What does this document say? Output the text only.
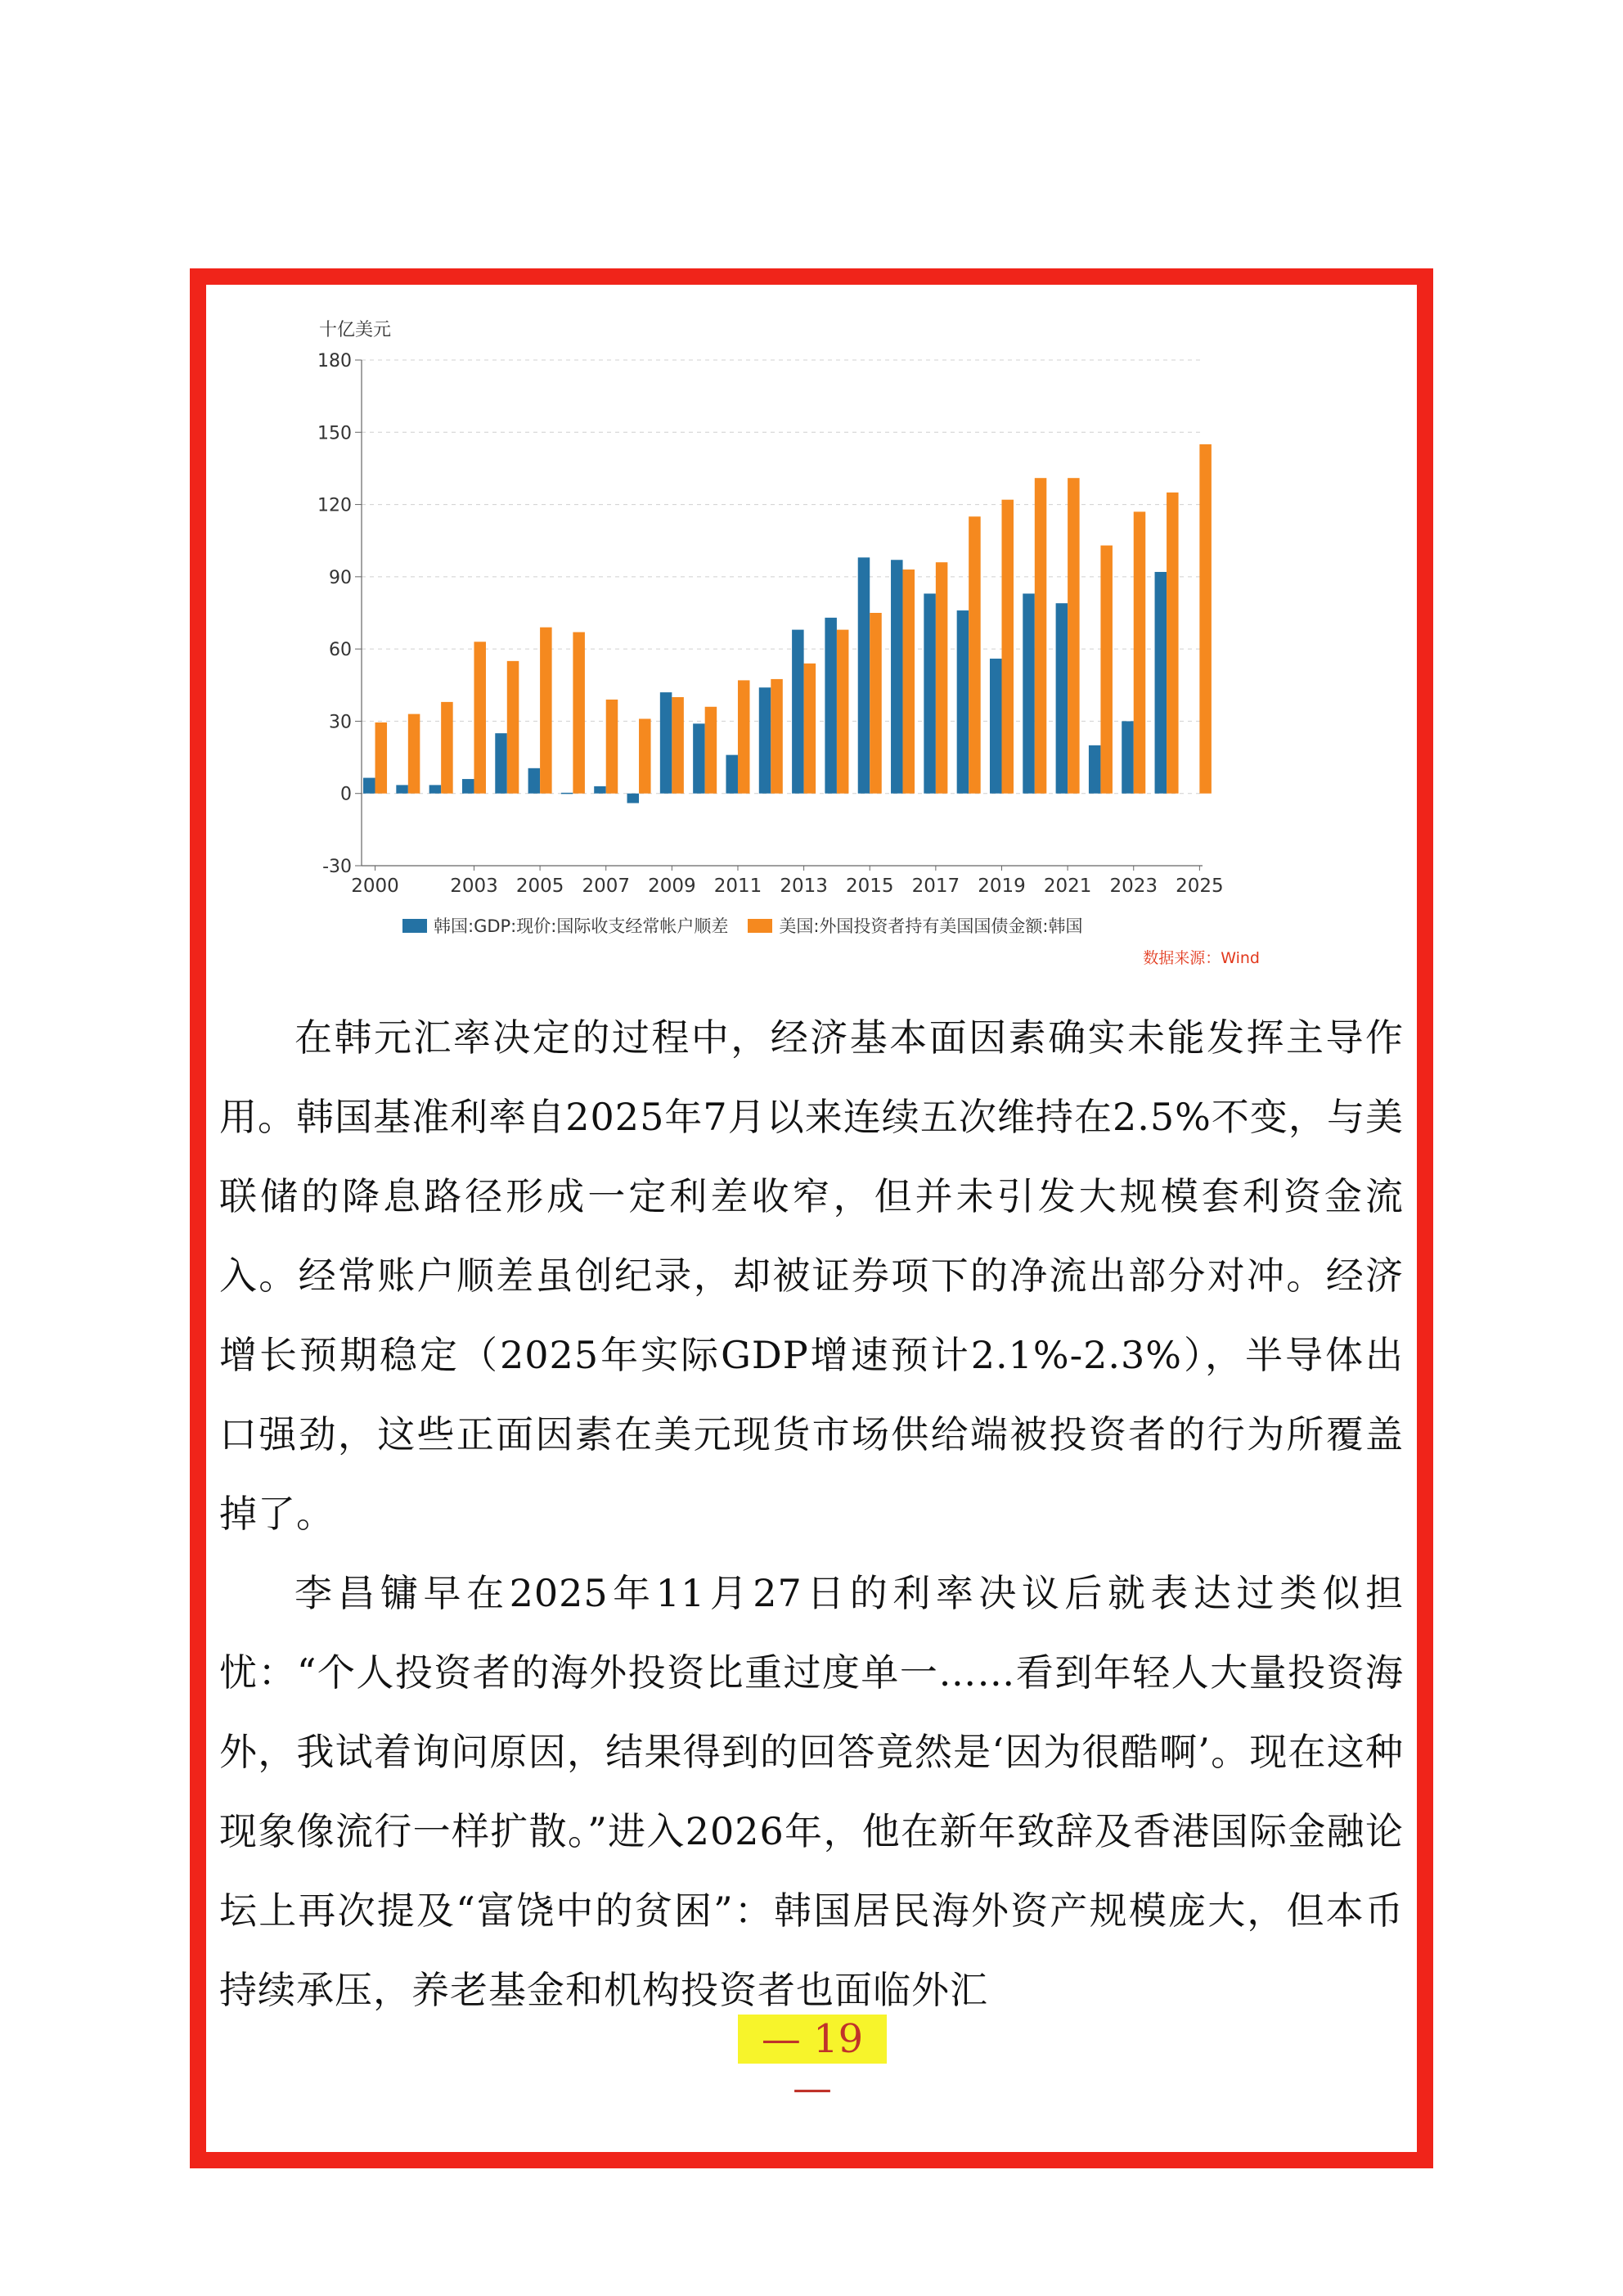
十亿美元
-30
0
30
60
90
120
150
180
2000	2003 2005 2007 2009 2011 2013 2015 2017 2019 2021 2023 2025
韩国:GDP:现价:国际收支经常帐户顺差	美国:外国投资者持有美国国债金额:韩国
数据来源：Wind

在韩元汇率决定的过程中，经济基本面因素确实未能发挥主导作用。韩国基准利率自2025年7月以来连续五次维持在2.5%不变，与美联储的降息路径形成一定利差收窄，但并未引发大规模套利资金流入。经常账户顺差虽创纪录，却被证券项下的净流出部分对冲。经济增长预期稳定（2025年实际GDP增速预计2.1%-2.3%），半导体出口强劲，这些正面因素在美元现货市场供给端被投资者的行为所覆盖掉了。

李昌镛早在2025年11月27日的利率决议后就表达过类似担忧：“个人投资者的海外投资比重过度单一……看到年轻人大量投资海外，我试着询问原因，结果得到的回答竟然是‘因为很酷啊’。现在这种现象像流行一样扩散。”进入2026年，他在新年致辞及香港国际金融论坛上再次提及“富饶中的贫困”：韩国居民海外资产规模庞大，但本币持续承压，养老基金和机构投资者也面临外汇

— 19 —
